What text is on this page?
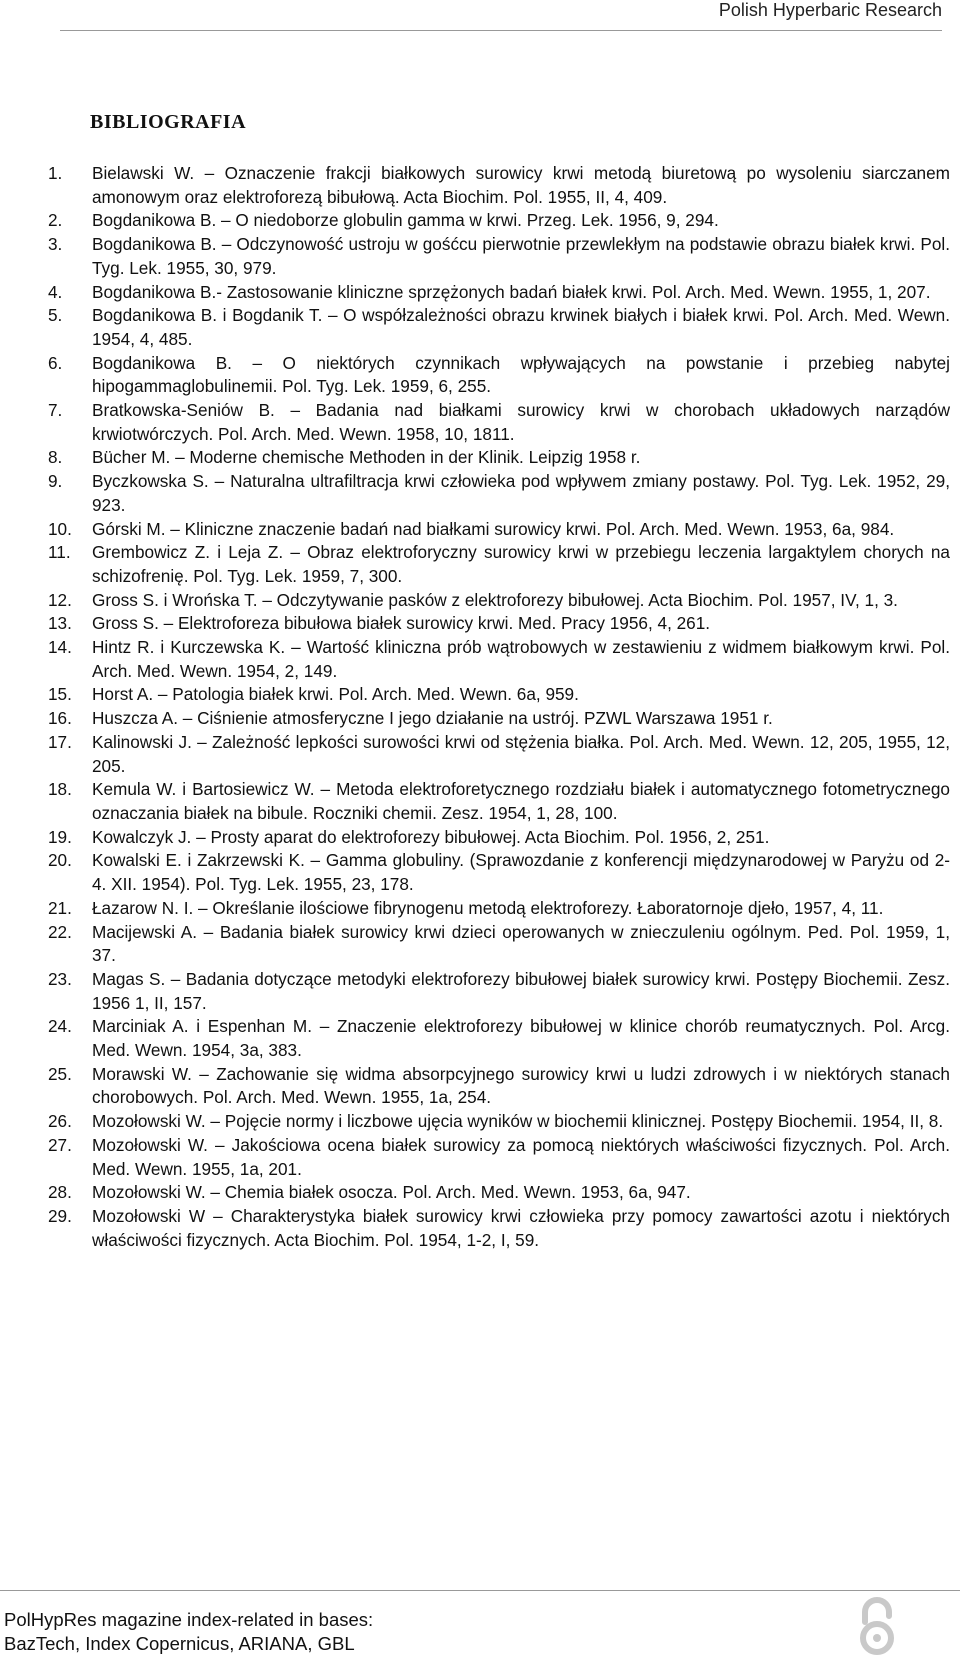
Polish Hyperbaric Research
BIBLIOGRAFIA
1.	Bielawski W. – Oznaczenie frakcji białkowych surowicy krwi metodą biuretową po wysoleniu siarczanem amonowym oraz elektroforezą bibułową. Acta Biochim. Pol. 1955, II, 4, 409.
2.	Bogdanikowa B. – O niedoborze globulin gamma w krwi. Przeg. Lek. 1956, 9, 294.
3.	Bogdanikowa B. – Odczynowość ustroju w gośćcu pierwotnie przewlekłym na podstawie obrazu białek krwi. Pol. Tyg. Lek. 1955, 30, 979.
4.	Bogdanikowa B.- Zastosowanie kliniczne sprzężonych badań białek krwi. Pol. Arch. Med. Wewn. 1955, 1, 207.
5.	Bogdanikowa B. i Bogdanik T. – O współzależności obrazu krwinek białych i białek krwi. Pol. Arch. Med. Wewn. 1954, 4, 485.
6.	Bogdanikowa B. – O niektórych czynnikach wpływających na powstanie i przebieg nabytej hipogammaglobulinemii. Pol. Tyg. Lek. 1959, 6, 255.
7.	Bratkowska-Seniów B. – Badania nad białkami surowicy krwi w chorobach układowych narządów krwiotwórczych. Pol. Arch. Med. Wewn. 1958, 10, 1811.
8.	Bücher M. – Moderne chemische Methoden in der Klinik. Leipzig 1958 r.
9.	Byczkowska S. – Naturalna ultrafiltracja krwi człowieka pod wpływem zmiany postawy. Pol. Tyg. Lek. 1952, 29, 923.
10.	Górski M. – Kliniczne znaczenie badań nad białkami surowicy krwi. Pol. Arch. Med. Wewn. 1953, 6a, 984.
11.	Grembowicz Z. i Leja Z. – Obraz elektroforyczny surowicy krwi w przebiegu leczenia largaktylem chorych na schizofrenię. Pol. Tyg. Lek. 1959, 7, 300.
12.	Gross S. i Wrońska T. – Odczytywanie pasków z elektroforezy bibułowej. Acta Biochim. Pol. 1957, IV, 1, 3.
13.	Gross S. – Elektroforeza bibułowa białek surowicy krwi. Med. Pracy 1956, 4, 261.
14.	Hintz R. i Kurczewska K. – Wartość kliniczna prób wątrobowych w zestawieniu z widmem białkowym krwi. Pol. Arch. Med. Wewn. 1954, 2, 149.
15.	Horst A. – Patologia białek krwi. Pol. Arch. Med. Wewn. 6a, 959.
16.	Huszcza A. – Ciśnienie atmosferyczne I jego działanie na ustrój. PZWL Warszawa 1951 r.
17.	Kalinowski J. – Zależność lepkości surowości krwi od stężenia białka. Pol. Arch. Med. Wewn. 12, 205, 1955, 12, 205.
18.	Kemula W. i Bartosiewicz W. – Metoda elektroforetycznego rozdziału białek i automatycznego fotometrycznego oznaczania białek na bibule. Roczniki chemii. Zesz. 1954, 1, 28, 100.
19.	Kowalczyk J. – Prosty aparat do elektroforezy bibułowej. Acta Biochim. Pol. 1956, 2, 251.
20.	Kowalski E. i Zakrzewski K. – Gamma globuliny. (Sprawozdanie z konferencji międzynarodowej w Paryżu od 2-4. XII. 1954). Pol. Tyg. Lek. 1955, 23, 178.
21.	Łazarow N. I. – Określanie ilościowe fibrynogenu metodą elektroforezy. Łaboratornoje djeło, 1957, 4, 11.
22.	Macijewski A. – Badania białek surowicy krwi dzieci operowanych w znieczuleniu ogólnym. Ped. Pol. 1959, 1, 37.
23.	Magas S. – Badania dotyczące metodyki elektroforezy bibułowej białek surowicy krwi. Postępy Biochemii. Zesz. 1956 1, II, 157.
24.	Marciniak A. i Espenhan M. – Znaczenie elektroforezy bibułowej w klinice chorób reumatycznych. Pol. Arcg. Med. Wewn. 1954, 3a, 383.
25.	Morawski W. – Zachowanie się widma absorpcyjnego surowicy krwi u ludzi zdrowych i w niektórych stanach chorobowych. Pol. Arch. Med. Wewn. 1955, 1a, 254.
26.	Mozołowski W. – Pojęcie normy i liczbowe ujęcia wyników w biochemii klinicznej. Postępy Biochemii. 1954, II, 8.
27.	Mozołowski W. – Jakościowa ocena białek surowicy za pomocą niektórych właściwości fizycznych. Pol. Arch. Med. Wewn. 1955, 1a, 201.
28.	Mozołowski W. – Chemia białek osocza. Pol. Arch. Med. Wewn. 1953, 6a, 947.
29.	Mozołowski W – Charakterystyka białek surowicy krwi człowieka przy pomocy zawartości azotu i niektórych właściwości fizycznych. Acta Biochim. Pol. 1954, 1-2, I, 59.
PolHypRes magazine index-related in bases:
BazTech, Index Copernicus, ARIANA, GBL
